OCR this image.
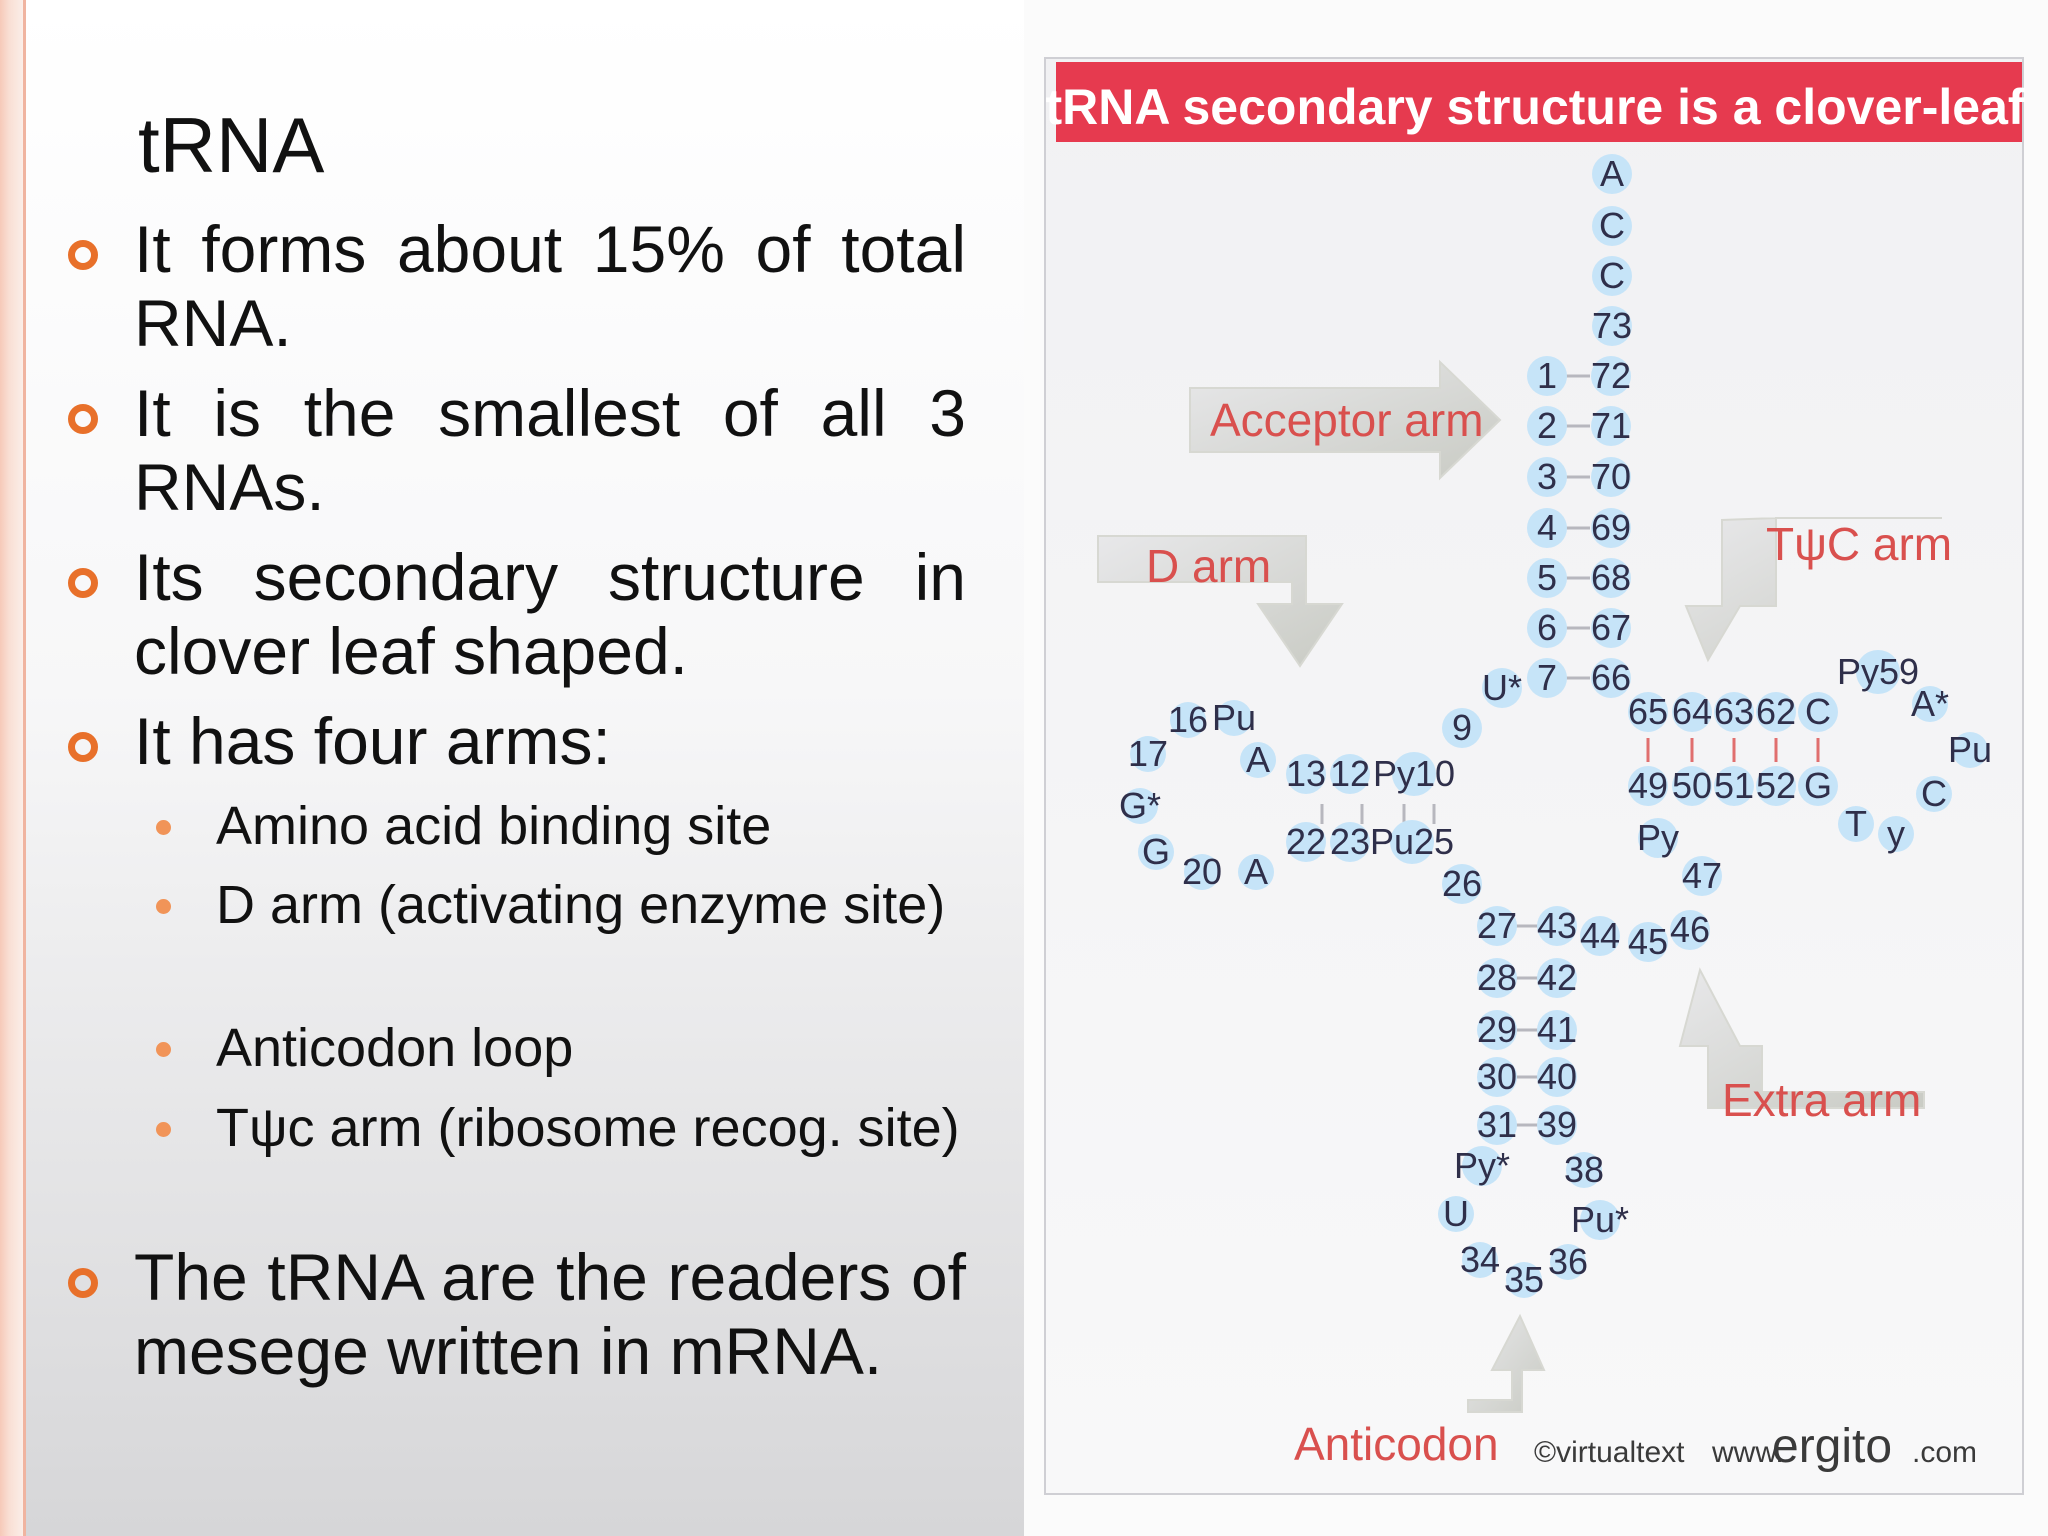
tRNA
It forms about 15% of total RNA.
It is the smallest of all 3 RNAs.
Its secondary structure in clover leaf shaped.
It has four arms:
Amino acid binding site
D arm (activating enzyme site)
Anticodon loop
Tψc arm (ribosome recog. site)
The tRNA are the readers of mesege written in mRNA.
tRNA secondary structure is a clover-leaf
Acceptor arm
D arm	TψC arm
Extra arm
Anticodon ©virtualtext www.
ergito .com
A
C
C
73
1
2
3
4
5
6
7
72
71
70
69
68
67
66
U*
9
13 12 Py10
22 23 Pu25
A
16 Pu
17
G*
G 20 A	26
65 64 63 62 C
49 50 51 52 G
Py59
A*
Pu
C
y
T
Py
47
46
45
44
27
28
29
30
31
43
42
41
40
39
Py*
U
34 35 36
Pu*
38
